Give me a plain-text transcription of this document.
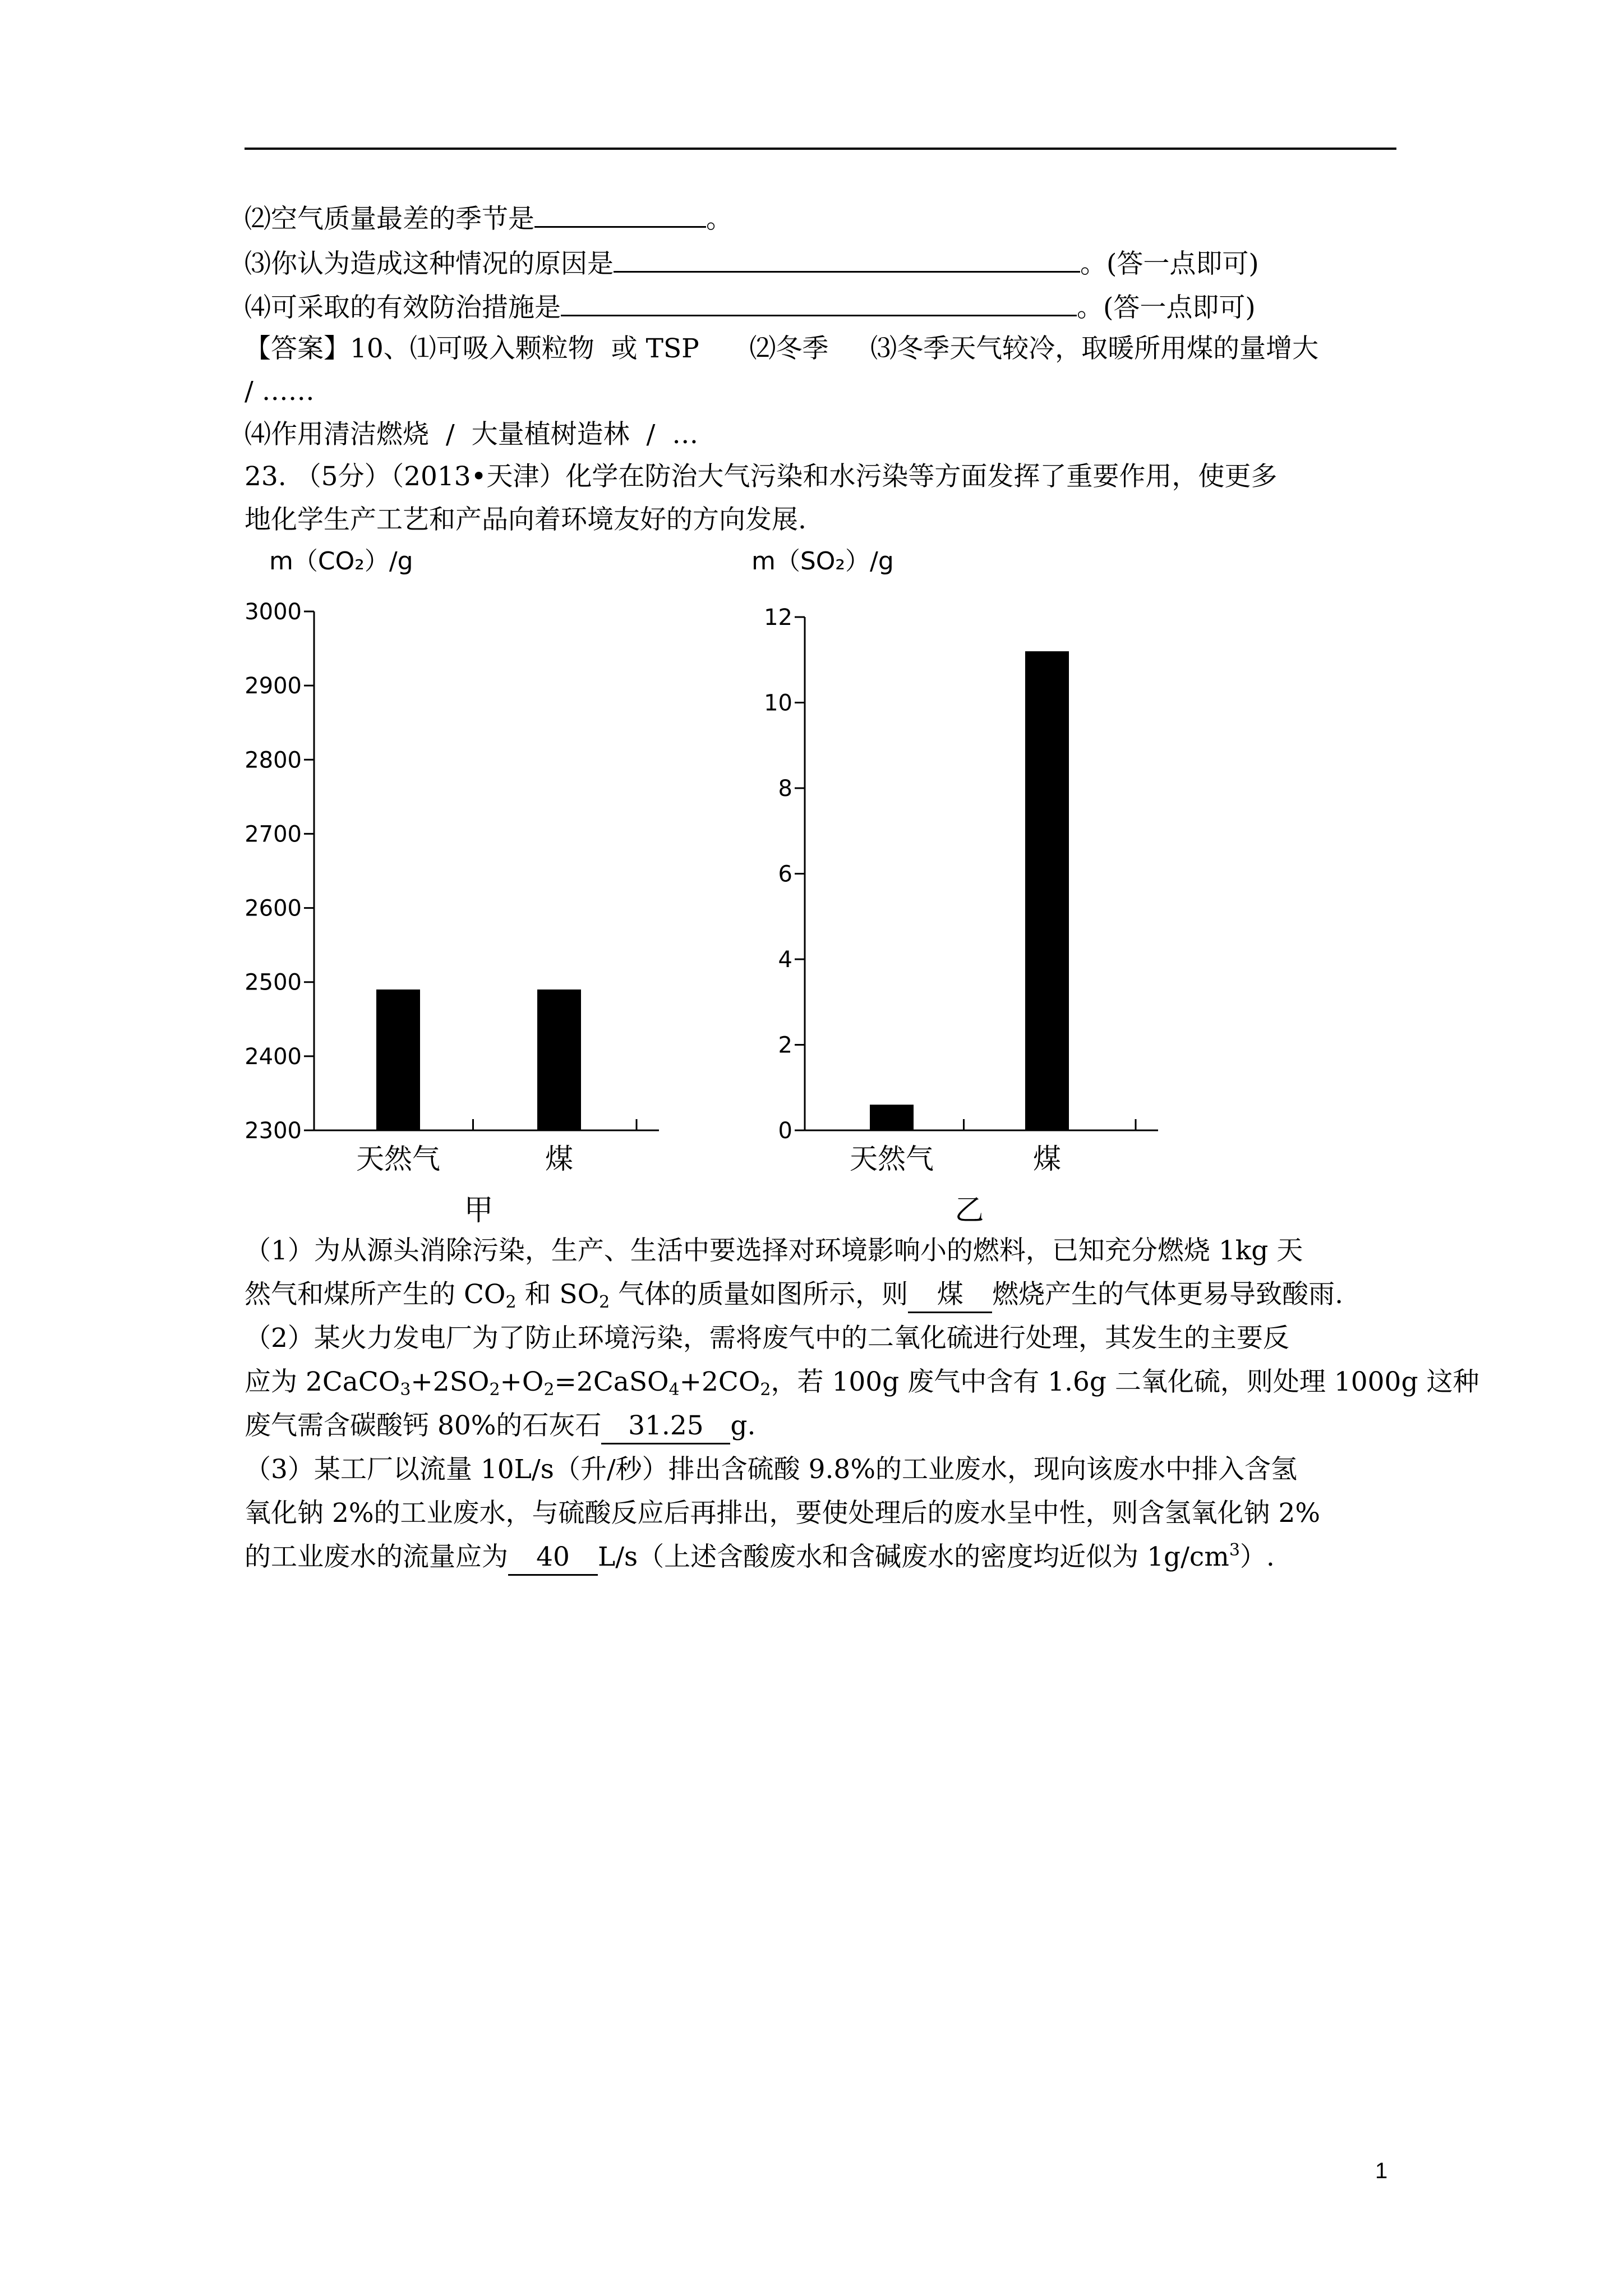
⑵空气质量最差的季节是	。
⑶你认为造成这种情况的原因是	。(答一点即可)
⑷可采取的有效防治措施是	。(答一点即可)
【答案】10、⑴可吸入颗粒物  或 TSP      ⑵冬季     ⑶冬季天气较冷，取暖所用煤的量增大
/ ……
⑷作用清洁燃烧  /  大量植树造林  /  …
23. （5分）（2013•天津）化学在防治大气污染和水污染等方面发挥了重要作用，使更多
地化学生产工艺和产品向着环境友好的方向发展.
m（CO₂）/g
2300
2400
2500
2600
2700
2800
2900
3000
天然气	煤
甲
m（SO₂）/g
0
2
4
6
8
10
12
天然气	煤
乙
（1）为从源头消除污染，生产、生活中要选择对环境影响小的燃料，已知充分燃烧 1kg 天
然气和煤所产生的 $CO_2$ 和 $SO_2$ 气体的质量如图所示，则 煤 燃烧产生的气体更易导致酸雨.
（2）某火力发电厂为了防止环境污染，需将废气中的二氧化硫进行处理，其发生的主要反
应为 $2CaCO_3+2SO_2+O_2=2CaSO_4+2CO_2$，若 100g 废气中含有 1.6g 二氧化硫，则处理 1000g 这种
废气需含碳酸钙 80%的石灰石 31.25 g.
（3）某工厂以流量 10L/s（升/秒）排出含硫酸 9.8%的工业废水，现向该废水中排入含氢
氧化钠 2%的工业废水，与硫酸反应后再排出，要使处理后的废水呈中性，则含氢氧化钠 2%
的工业废水的流量应为 40 L/s（上述含酸废水和含碱废水的密度均近似为 $1g/cm^3$）.
1
